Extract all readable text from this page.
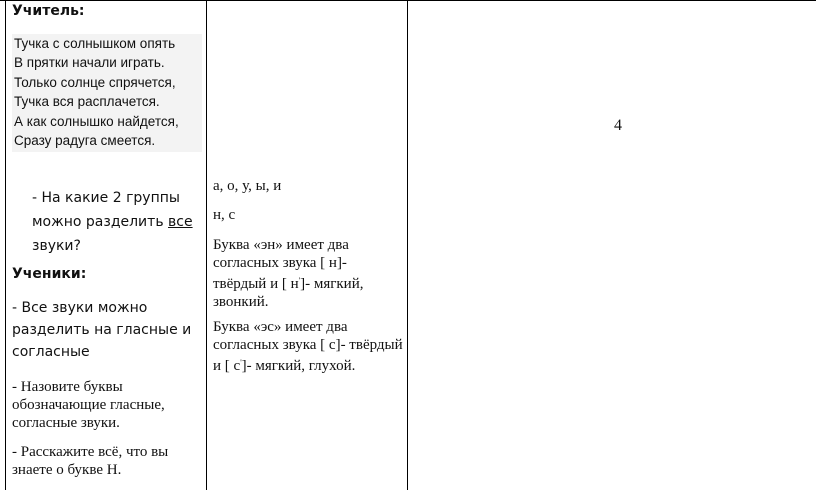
Учитель:
Тучка с солнышком опять
В прятки начали играть.
Только солнце спрячется,
Тучка вся расплачется.
А как солнышко найдется,
Сразу радуга смеется.
- На какие 2 группы можно разделить все звуки?
Ученики:
- Все звуки можно разделить на гласные и согласные
- Назовите буквы обозначающие гласные, согласные звуки.
- Расскажите всё, что вы знаете о букве Н.
а, о, у, ы, и
н, с
Буква «эн» имеет два согласных звука [ н]- твёрдый и [ н']- мягкий, звонкий.
Буква «эс» имеет два согласных звука [ с]- твёрдый и [ с']- мягкий, глухой.
4
